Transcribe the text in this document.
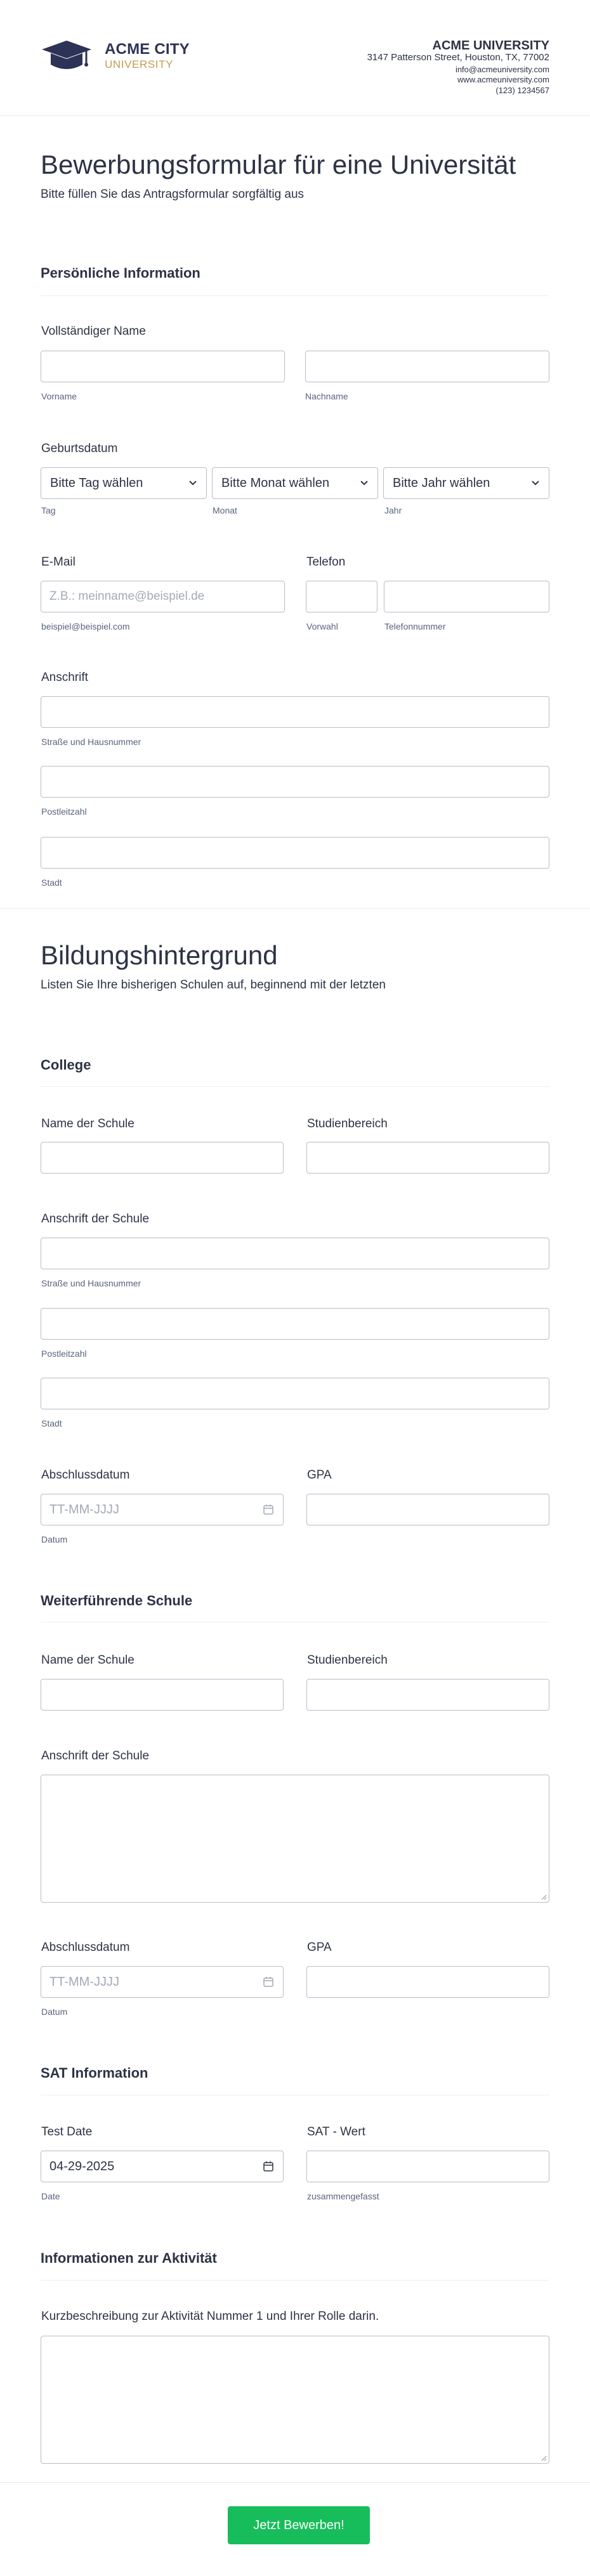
ACME CITY
UNIVERSITY
ACME UNIVERSITY
3147 Patterson Street, Houston, TX, 77002
info@acmeuniversity.com
www.acmeuniversity.com
(123) 1234567
Bewerbungsformular für eine Universität
Bitte füllen Sie das Antragsformular sorgfältig aus
Persönliche Information
Vollständiger Name
Vorname	Nachname
Geburtsdatum
Bitte Tag wählen	Bitte Monat wählen	Bitte Jahr wählen
Tag	Monat	Jahr
E-Mail
Z.B.: meinname@beispiel.de
beispiel@beispiel.com
Telefon
Vorwahl	Telefonnummer
Anschrift
Straße und Hausnummer
Postleitzahl
Stadt
Bildungshintergrund
Listen Sie Ihre bisherigen Schulen auf, beginnend mit der letzten
College
Name der Schule	Studienbereich
Anschrift der Schule
Straße und Hausnummer
Postleitzahl
Stadt
Abschlussdatum
TT-MM-JJJJ
Datum
GPA
Weiterführende Schule
Name der Schule	Studienbereich
Anschrift der Schule
Abschlussdatum
TT-MM-JJJJ
Datum
GPA
SAT Information
Test Date
04-29-2025
Date
SAT - Wert
zusammengefasst
Informationen zur Aktivität
Kurzbeschreibung zur Aktivität Nummer 1 und Ihrer Rolle darin.
Jetzt Bewerben!
